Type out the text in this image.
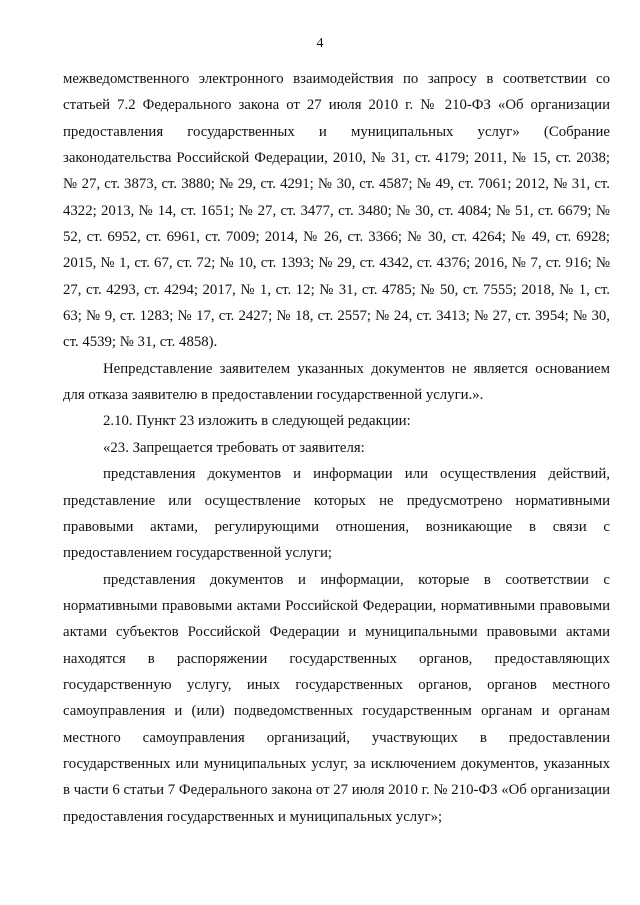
4

межведомственного электронного взаимодействия по запросу в соответствии со статьей 7.2 Федерального закона от 27 июля 2010 г. № 210-ФЗ «Об организации предоставления государственных и муниципальных услуг» (Собрание законодательства Российской Федерации, 2010, № 31, ст. 4179; 2011, № 15, ст. 2038; № 27, ст. 3873, ст. 3880; № 29, ст. 4291; № 30, ст. 4587; № 49, ст. 7061; 2012, № 31, ст. 4322; 2013, № 14, ст. 1651; № 27, ст. 3477, ст. 3480; № 30, ст. 4084; № 51, ст. 6679; № 52, ст. 6952, ст. 6961, ст. 7009; 2014, № 26, ст. 3366; № 30, ст. 4264; № 49, ст. 6928; 2015, № 1, ст. 67, ст. 72; № 10, ст. 1393; № 29, ст. 4342, ст. 4376; 2016, № 7, ст. 916; № 27, ст. 4293, ст. 4294; 2017, № 1, ст. 12; № 31, ст. 4785; № 50, ст. 7555; 2018, № 1, ст. 63; № 9, ст. 1283; № 17, ст. 2427; № 18, ст. 2557; № 24, ст. 3413; № 27, ст. 3954; № 30, ст. 4539; № 31, ст. 4858).

Непредставление заявителем указанных документов не является основанием для отказа заявителю в предоставлении государственной услуги.».

2.10. Пункт 23 изложить в следующей редакции:

«23. Запрещается требовать от заявителя:

представления документов и информации или осуществления действий, представление или осуществление которых не предусмотрено нормативными правовыми актами, регулирующими отношения, возникающие в связи с предоставлением государственной услуги;

представления документов и информации, которые в соответствии с нормативными правовыми актами Российской Федерации, нормативными правовыми актами субъектов Российской Федерации и муниципальными правовыми актами находятся в распоряжении государственных органов, предоставляющих государственную услугу, иных государственных органов, органов местного самоуправления и (или) подведомственных государственным органам и органам местного самоуправления организаций, участвующих в предоставлении государственных или муниципальных услуг, за исключением документов, указанных в части 6 статьи 7 Федерального закона от 27 июля 2010 г. № 210-ФЗ «Об организации предоставления государственных и муниципальных услуг»;
